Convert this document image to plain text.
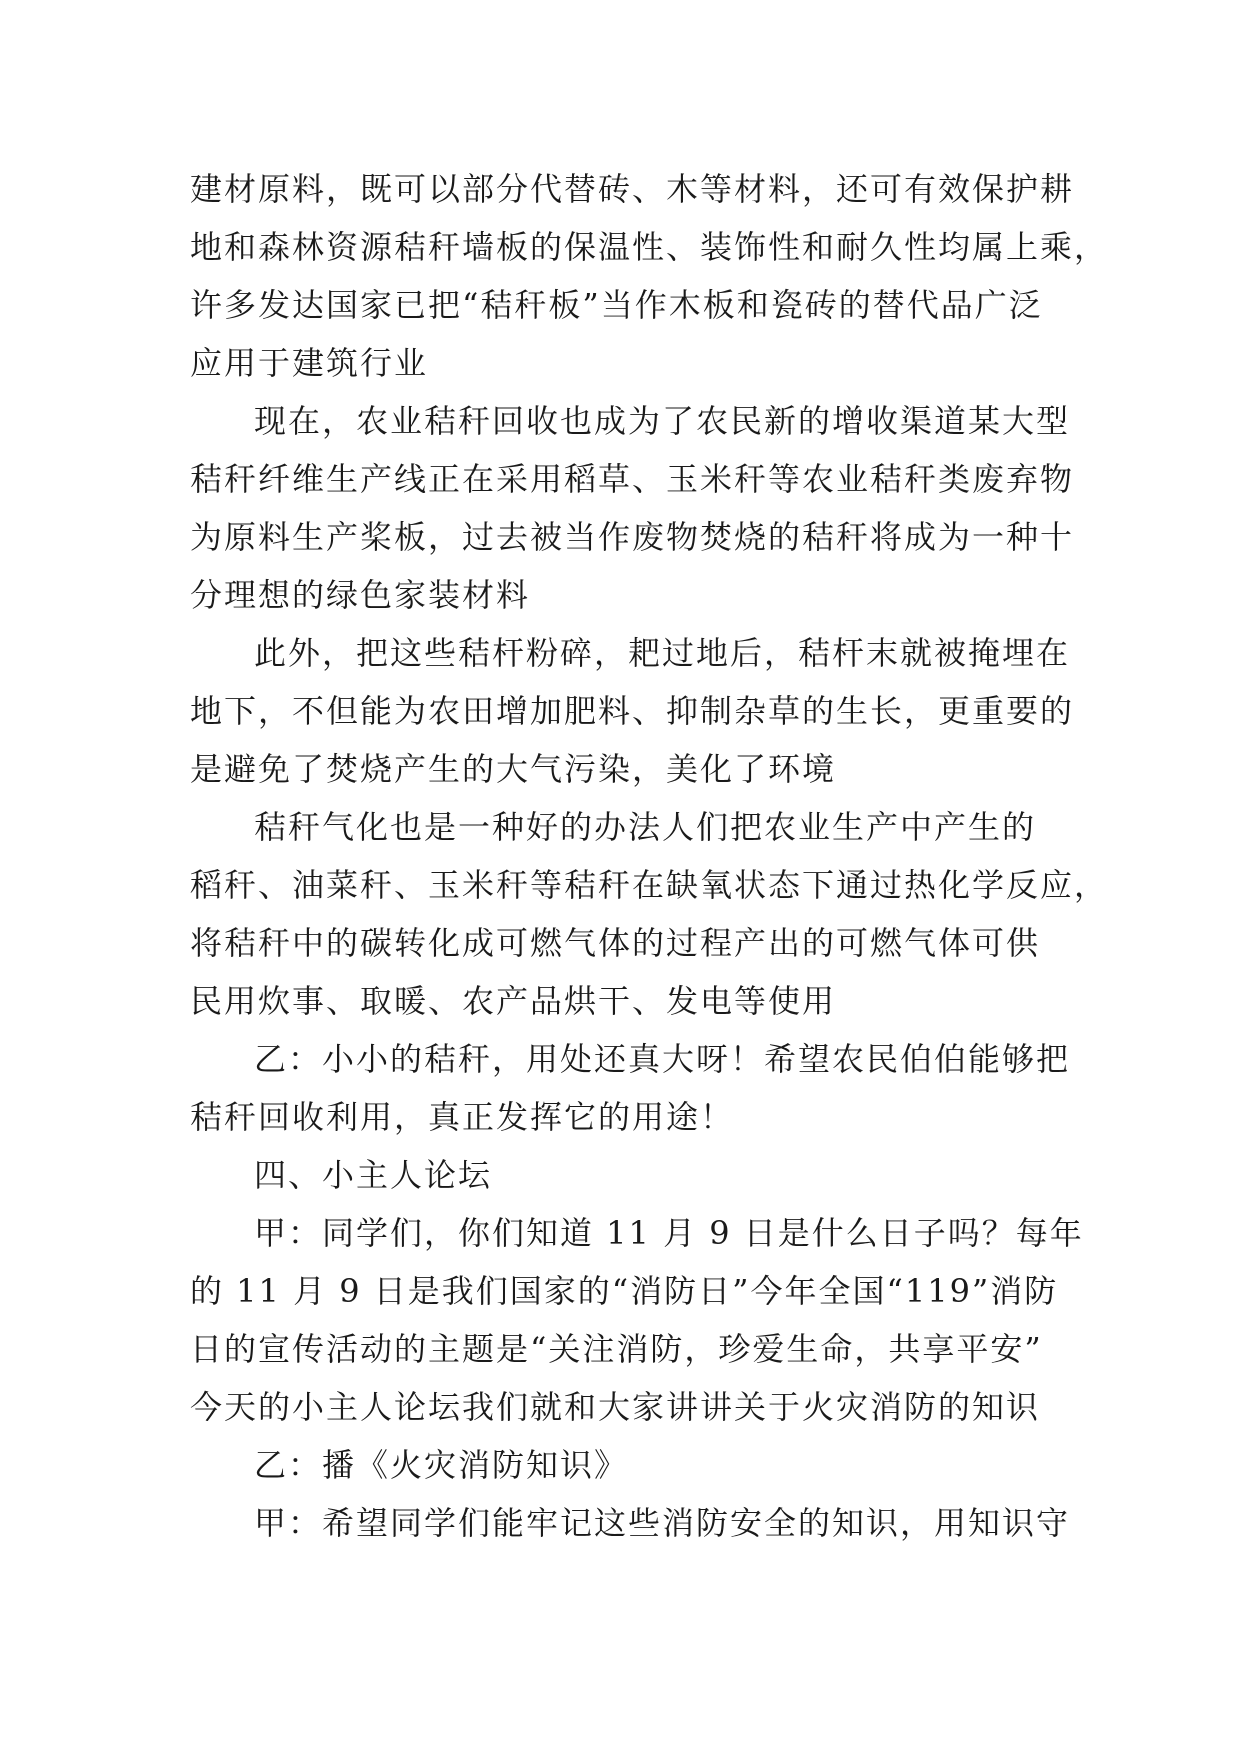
建材原料，既可以部分代替砖、木等材料，还可有效保护耕
地和森林资源秸秆墙板的保温性、装饰性和耐久性均属上乘，
许多发达国家已把“秸秆板”当作木板和瓷砖的替代品广泛
应用于建筑行业
现在，农业秸秆回收也成为了农民新的增收渠道某大型
秸秆纤维生产线正在采用稻草、玉米秆等农业秸秆类废弃物
为原料生产桨板，过去被当作废物焚烧的秸秆将成为一种十
分理想的绿色家装材料
此外，把这些秸杆粉碎，耙过地后，秸杆末就被掩埋在
地下，不但能为农田增加肥料、抑制杂草的生长，更重要的
是避免了焚烧产生的大气污染，美化了环境
秸秆气化也是一种好的办法人们把农业生产中产生的
稻秆、油菜秆、玉米秆等秸秆在缺氧状态下通过热化学反应，
将秸秆中的碳转化成可燃气体的过程产出的可燃气体可供
民用炊事、取暖、农产品烘干、发电等使用
乙：小小的秸秆，用处还真大呀！希望农民伯伯能够把
秸秆回收利用，真正发挥它的用途！
四、小主人论坛
甲：同学们，你们知道 11 月 9 日是什么日子吗？每年
的 11 月 9 日是我们国家的“消防日”今年全国“119”消防
日的宣传活动的主题是“关注消防，珍爱生命，共享平安”
今天的小主人论坛我们就和大家讲讲关于火灾消防的知识
乙：播《火灾消防知识》
甲：希望同学们能牢记这些消防安全的知识，用知识守
